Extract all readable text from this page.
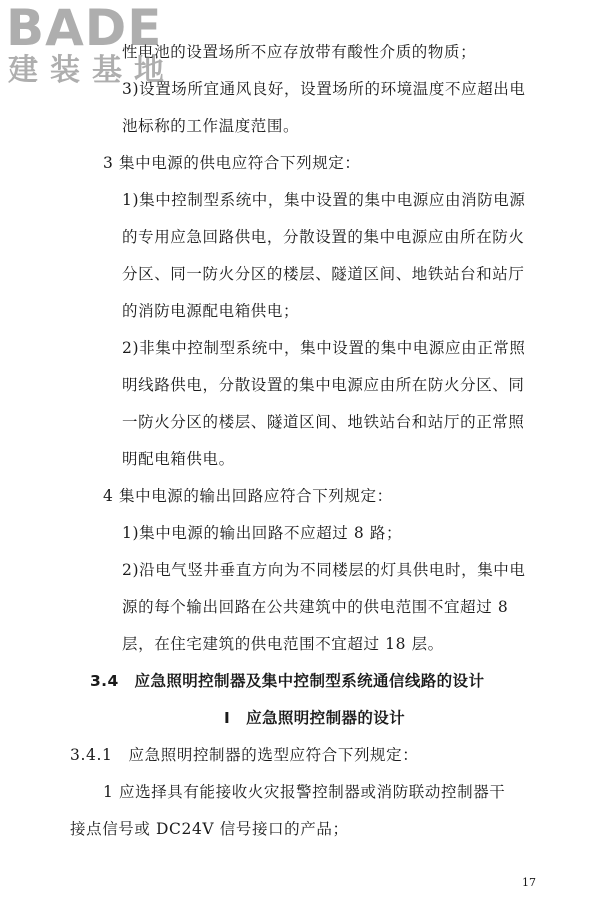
BADE
建装基地
性电池的设置场所不应存放带有酸性介质的物质；
3)设置场所宜通风良好，设置场所的环境温度不应超出电
池标称的工作温度范围。
3 集中电源的供电应符合下列规定：
1)集中控制型系统中，集中设置的集中电源应由消防电源
的专用应急回路供电，分散设置的集中电源应由所在防火
分区、同一防火分区的楼层、隧道区间、地铁站台和站厅
的消防电源配电箱供电；
2)非集中控制型系统中，集中设置的集中电源应由正常照
明线路供电，分散设置的集中电源应由所在防火分区、同
一防火分区的楼层、隧道区间、地铁站台和站厅的正常照
明配电箱供电。
4 集中电源的输出回路应符合下列规定：
1)集中电源的输出回路不应超过 8 路；
2)沿电气竖井垂直方向为不同楼层的灯具供电时，集中电
源的每个输出回路在公共建筑中的供电范围不宜超过 8
层，在住宅建筑的供电范围不宜超过 18 层。
3.4　应急照明控制器及集中控制型系统通信线路的设计
Ⅰ　应急照明控制器的设计
3.4.1　应急照明控制器的选型应符合下列规定：
1 应选择具有能接收火灾报警控制器或消防联动控制器干
接点信号或 DC24V 信号接口的产品；
17
